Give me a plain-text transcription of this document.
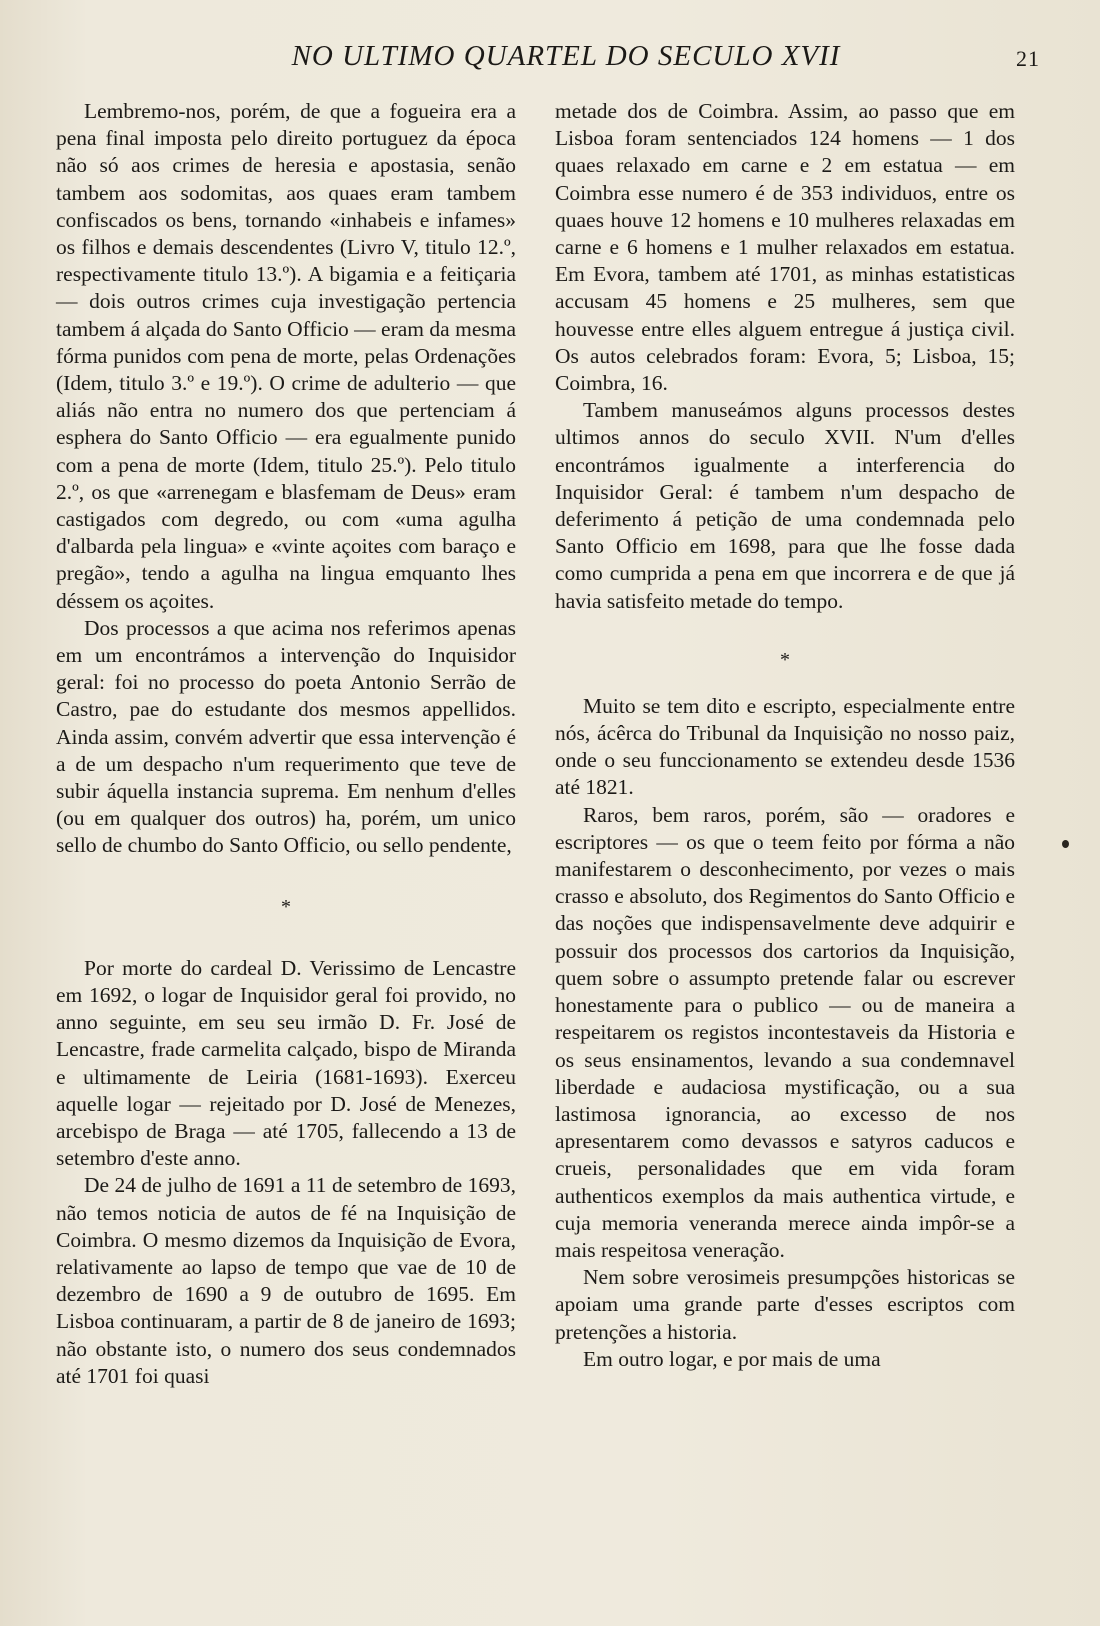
NO ULTIMO QUARTEL DO SECULO XVII	21

Lembremo-nos, porém, de que a fogueira era a pena final imposta pelo direito portuguez da época não só aos crimes de heresia e apostasia, senão tambem aos sodomitas, aos quaes eram tambem confiscados os bens, tornando «inhabeis e infames» os filhos e demais descendentes (Livro V, titulo 12.º, respectivamente titulo 13.º). A bigamia e a feitiçaria — dois outros crimes cuja investigação pertencia tambem á alçada do Santo Officio — eram da mesma fórma punidos com pena de morte, pelas Ordenações (Idem, titulo 3.º e 19.º). O crime de adulterio — que aliás não entra no numero dos que pertenciam á esphera do Santo Officio — era egualmente punido com a pena de morte (Idem, titulo 25.º). Pelo titulo 2.º, os que «arrenegam e blasfemam de Deus» eram castigados com degredo, ou com «uma agulha d'albarda pela lingua» e «vinte açoites com baraço e pregão», tendo a agulha na lingua emquanto lhes déssem os açoites.

Dos processos a que acima nos referimos apenas em um encontrámos a intervenção do Inquisidor geral: foi no processo do poeta Antonio Serrão de Castro, pae do estudante dos mesmos appellidos. Ainda assim, convém advertir que essa intervenção é a de um despacho n'um requerimento que teve de subir áquella instancia suprema. Em nenhum d'elles (ou em qualquer dos outros) ha, porém, um unico sello de chumbo do Santo Officio, ou sello pendente,

*

Por morte do cardeal D. Verissimo de Lencastre em 1692, o logar de Inquisidor geral foi provido, no anno seguinte, em seu seu irmão D. Fr. José de Lencastre, frade carmelita calçado, bispo de Miranda e ultimamente de Leiria (1681-1693). Exerceu aquelle logar — rejeitado por D. José de Menezes, arcebispo de Braga — até 1705, fallecendo a 13 de setembro d'este anno.

De 24 de julho de 1691 a 11 de setembro de 1693, não temos noticia de autos de fé na Inquisição de Coimbra. O mesmo dizemos da Inquisição de Evora, relativamente ao lapso de tempo que vae de 10 de dezembro de 1690 a 9 de outubro de 1695. Em Lisboa continuaram, a partir de 8 de janeiro de 1693; não obstante isto, o numero dos seus condemnados até 1701 foi quasi

metade dos de Coimbra. Assim, ao passo que em Lisboa foram sentenciados 124 homens — 1 dos quaes relaxado em carne e 2 em estatua — em Coimbra esse numero é de 353 individuos, entre os quaes houve 12 homens e 10 mulheres relaxadas em carne e 6 homens e 1 mulher relaxados em estatua. Em Evora, tambem até 1701, as minhas estatisticas accusam 45 homens e 25 mulheres, sem que houvesse entre elles alguem entregue á justiça civil. Os autos celebrados foram: Evora, 5; Lisboa, 15; Coimbra, 16.

Tambem manuseámos alguns processos destes ultimos annos do seculo XVII. N'um d'elles encontrámos igualmente a interferencia do Inquisidor Geral: é tambem n'um despacho de deferimento á petição de uma condemnada pelo Santo Officio em 1698, para que lhe fosse dada como cumprida a pena em que incorrera e de que já havia satisfeito metade do tempo.

*

Muito se tem dito e escripto, especialmente entre nós, ácêrca do Tribunal da Inquisição no nosso paiz, onde o seu funccionamento se extendeu desde 1536 até 1821.

Raros, bem raros, porém, são — oradores e escriptores — os que o teem feito por fórma a não manifestarem o desconhecimento, por vezes o mais crasso e absoluto, dos Regimentos do Santo Officio e das noções que indispensavelmente deve adquirir e possuir dos processos dos cartorios da Inquisição, quem sobre o assumpto pretende falar ou escrever honestamente para o publico — ou de maneira a respeitarem os registos incontestaveis da Historia e os seus ensinamentos, levando a sua condemnavel liberdade e audaciosa mystificação, ou a sua lastimosa ignorancia, ao excesso de nos apresentarem como devassos e satyros caducos e crueis, personalidades que em vida foram authenticos exemplos da mais authentica virtude, e cuja memoria veneranda merece ainda impôr-se a mais respeitosa veneração.

Nem sobre verosimeis presumpções historicas se apoiam uma grande parte d'esses escriptos com pretenções a historia.

Em outro logar, e por mais de uma
